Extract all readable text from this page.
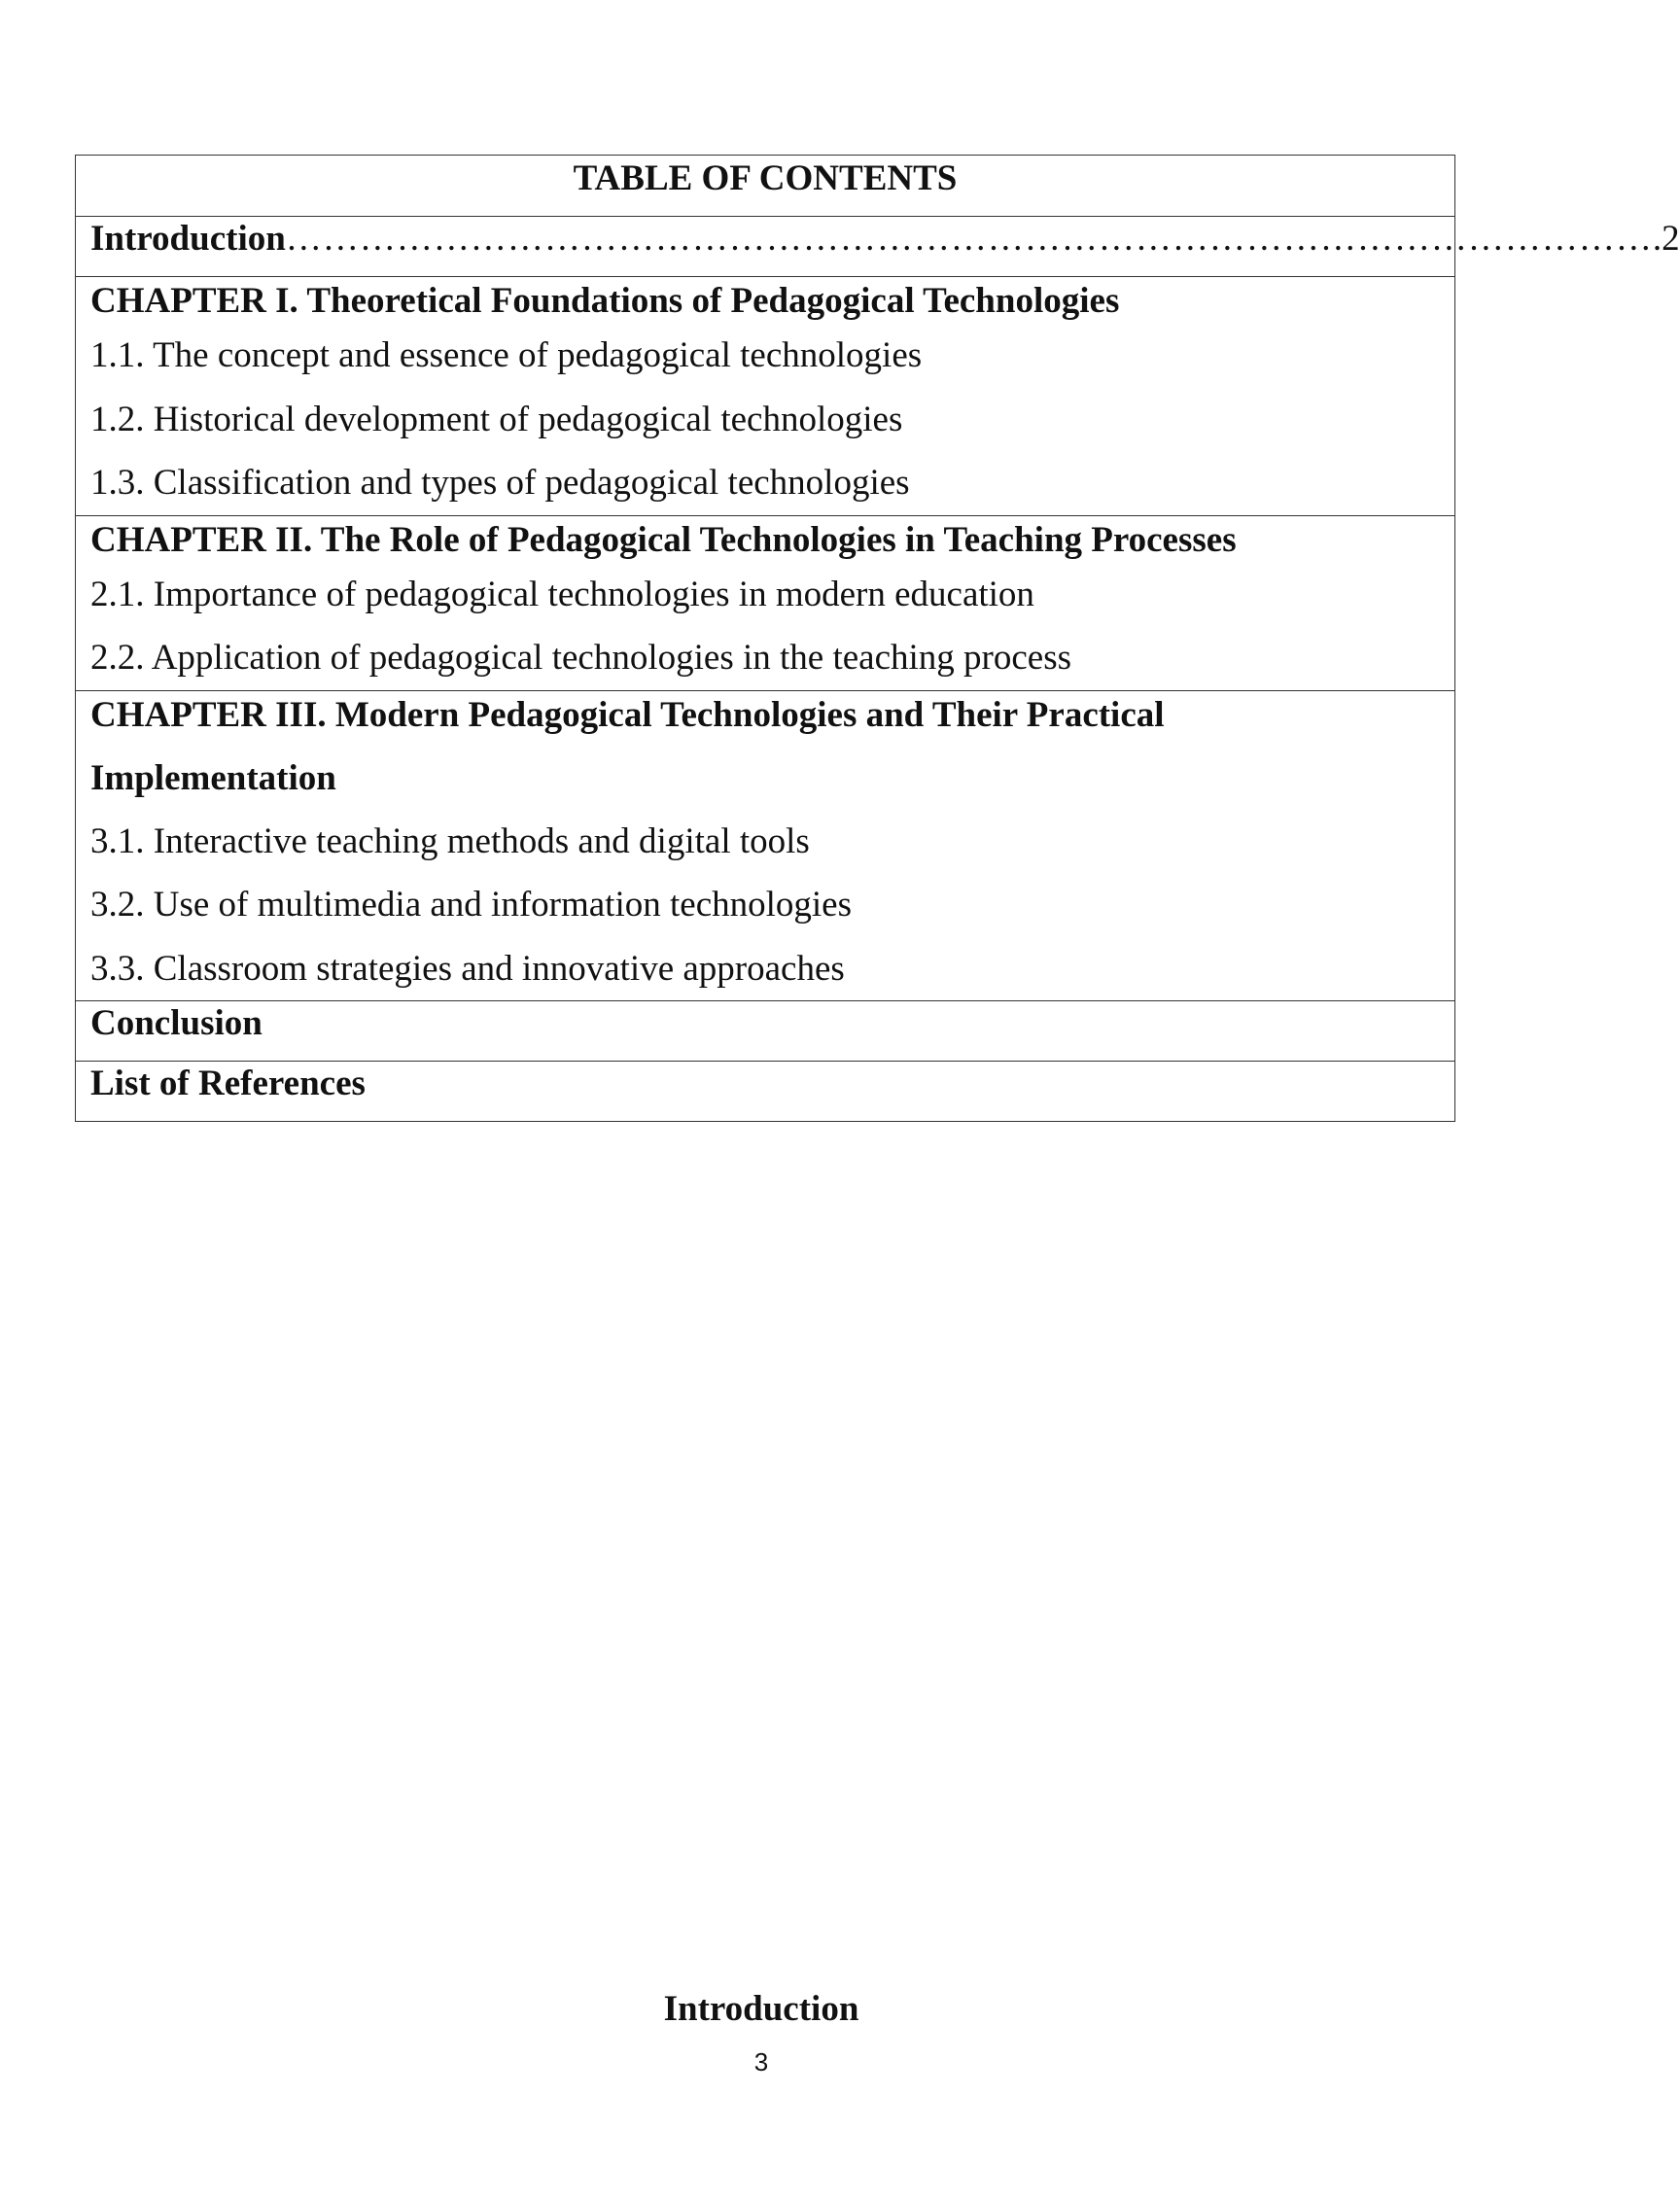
TABLE OF CONTENTS

Introduction ………………………………………………………………………………………………… .2

CHAPTER I. Theoretical Foundations of Pedagogical Technologies
1.1. The concept and essence of pedagogical technologies
1.2. Historical development of pedagogical technologies
1.3. Classification and types of pedagogical technologies

CHAPTER II. The Role of Pedagogical Technologies in Teaching Processes
2.1. Importance of pedagogical technologies in modern education
2.2. Application of pedagogical technologies in the teaching process

CHAPTER III. Modern Pedagogical Technologies and Their Practical Implementation
3.1. Interactive teaching methods and digital tools
3.2. Use of multimedia and information technologies
3.3. Classroom strategies and innovative approaches

Conclusion
List of References
Introduction
3
